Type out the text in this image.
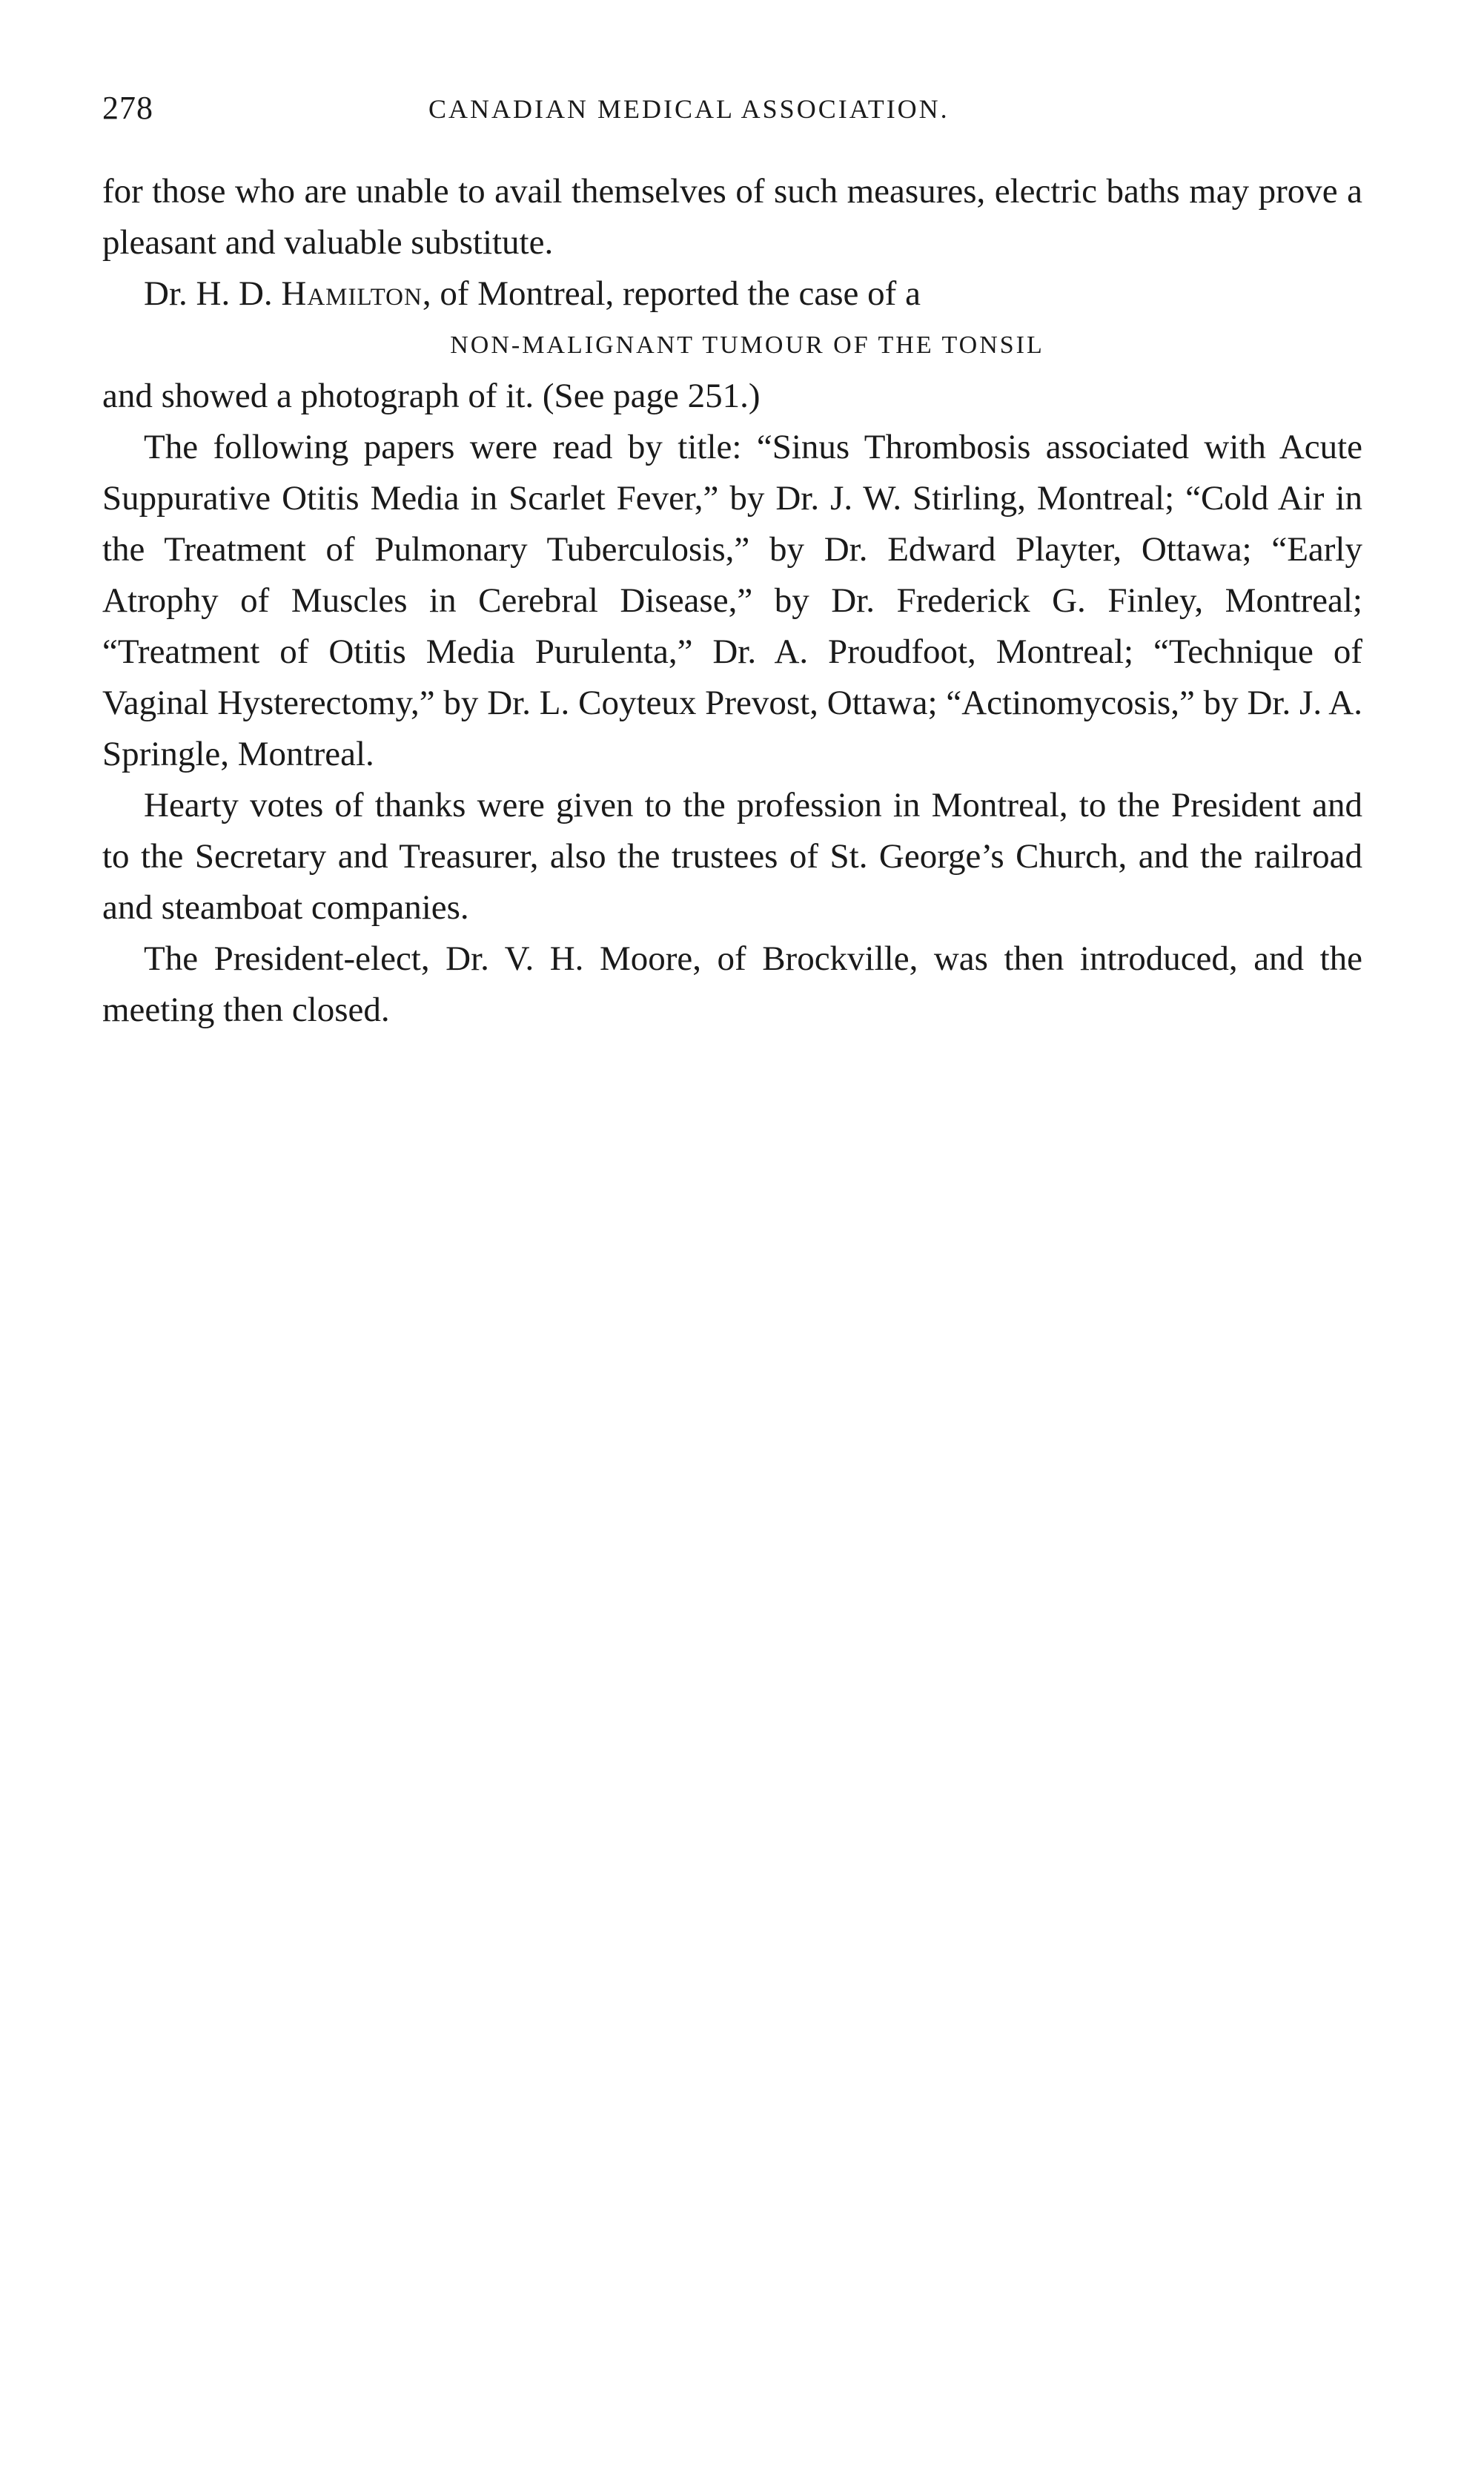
278	CANADIAN MEDICAL ASSOCIATION.

for those who are unable to avail themselves of such measures, electric baths may prove a pleasant and valuable substitute.

Dr. H. D. Hamilton, of Montreal, reported the case of a

NON-MALIGNANT TUMOUR OF THE TONSIL

and showed a photograph of it. (See page 251.)

The following papers were read by title: “Sinus Thrombosis associated with Acute Suppurative Otitis Media in Scarlet Fever,” by Dr. J. W. Stirling, Montreal; “Cold Air in the Treatment of Pulmonary Tuberculosis,” by Dr. Edward Playter, Ottawa; “Early Atrophy of Muscles in Cerebral Disease,” by Dr. Frederick G. Finley, Montreal; “Treatment of Otitis Media Purulenta,” Dr. A. Proudfoot, Montreal; “Technique of Vaginal Hysterectomy,” by Dr. L. Coyteux Prevost, Ottawa; “Actinomycosis,” by Dr. J. A. Springle, Montreal.

Hearty votes of thanks were given to the profession in Montreal, to the President and to the Secretary and Treasurer, also the trustees of St. George’s Church, and the railroad and steamboat companies.

The President-elect, Dr. V. H. Moore, of Brockville, was then introduced, and the meeting then closed.
